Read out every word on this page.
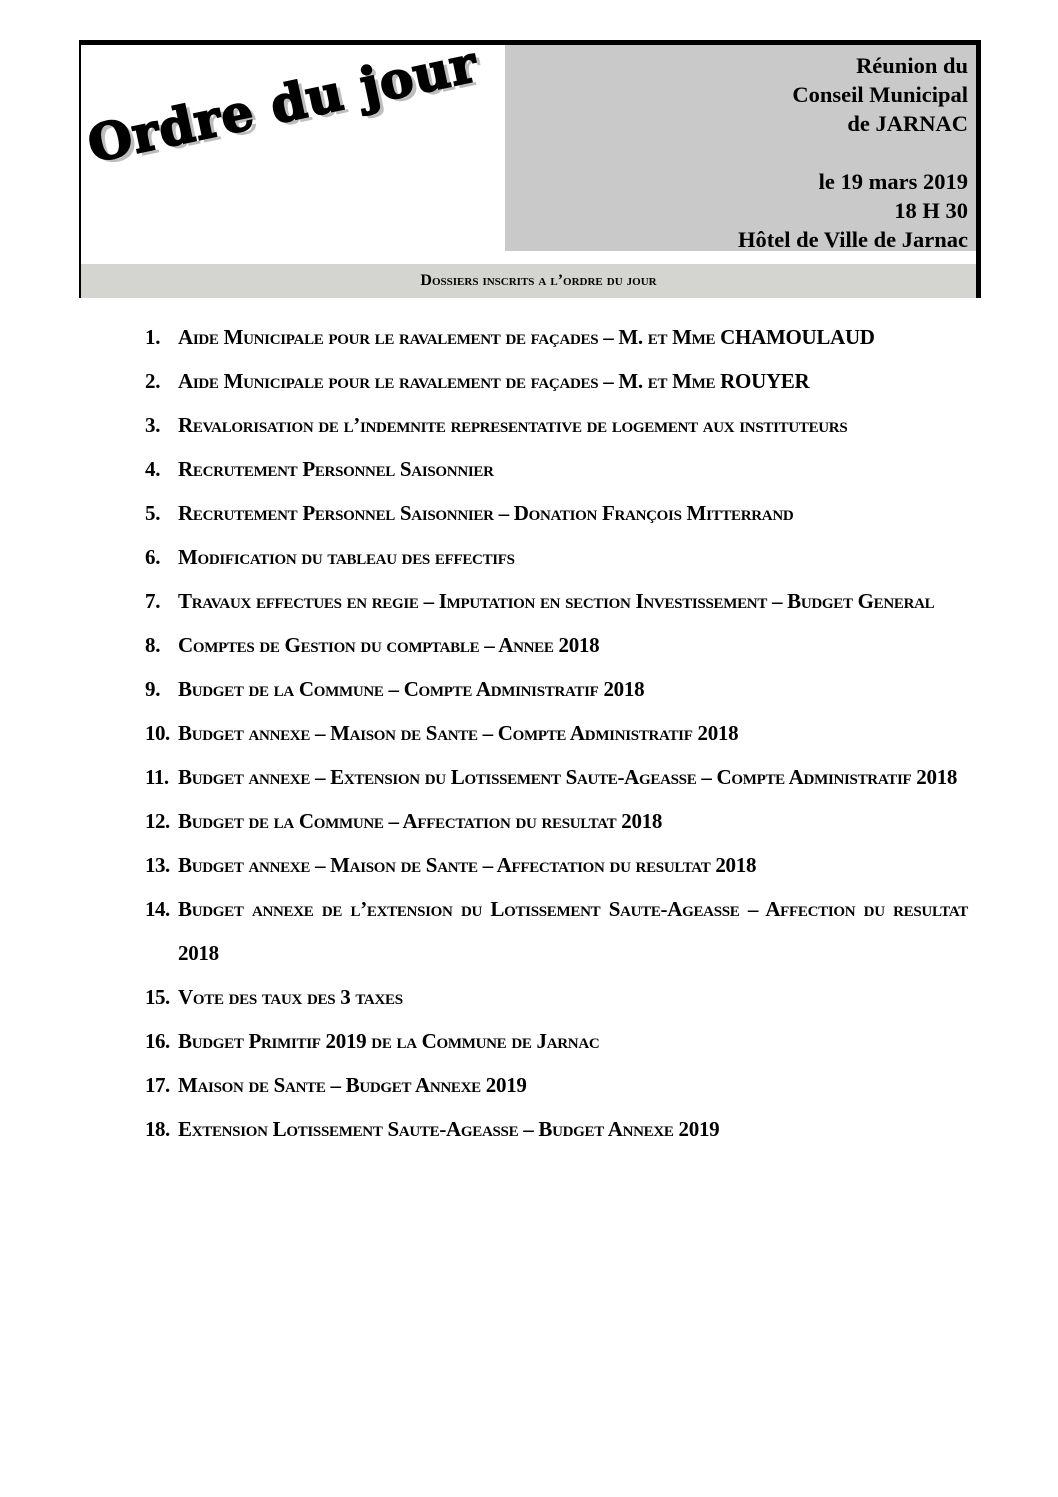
Ordre du jour	Réunion du
Conseil Municipal
de JARNAC
le 19 mars 2019
18 H 30
Hôtel de Ville de Jarnac
Dossiers inscrits a l’ordre du jour
1. Aide Municipale pour le ravalement de façades – M. et Mme CHAMOULAUD
2. Aide Municipale pour le ravalement de façades – M. et Mme ROUYER
3. Revalorisation de l’indemnite representative de logement aux instituteurs
4. Recrutement Personnel Saisonnier
5. Recrutement Personnel Saisonnier – Donation François Mitterrand
6. Modification du tableau des effectifs
7. Travaux effectues en regie – Imputation en section Investissement – Budget General
8. Comptes de Gestion du comptable – Annee 2018
9. Budget de la Commune – Compte Administratif 2018
10. Budget annexe – Maison de Sante – Compte Administratif 2018
11. Budget annexe – Extension du Lotissement Saute-Ageasse – Compte Administratif 2018
12. Budget de la Commune – Affectation du resultat 2018
13. Budget annexe – Maison de Sante – Affectation du resultat 2018
14. Budget annexe de l’extension du Lotissement Saute-Ageasse – Affection du resultat 2018
15. Vote des taux des 3 taxes
16. Budget Primitif 2019 de la Commune de Jarnac
17. Maison de Sante – Budget Annexe 2019
18. Extension Lotissement Saute-Ageasse – Budget Annexe 2019
